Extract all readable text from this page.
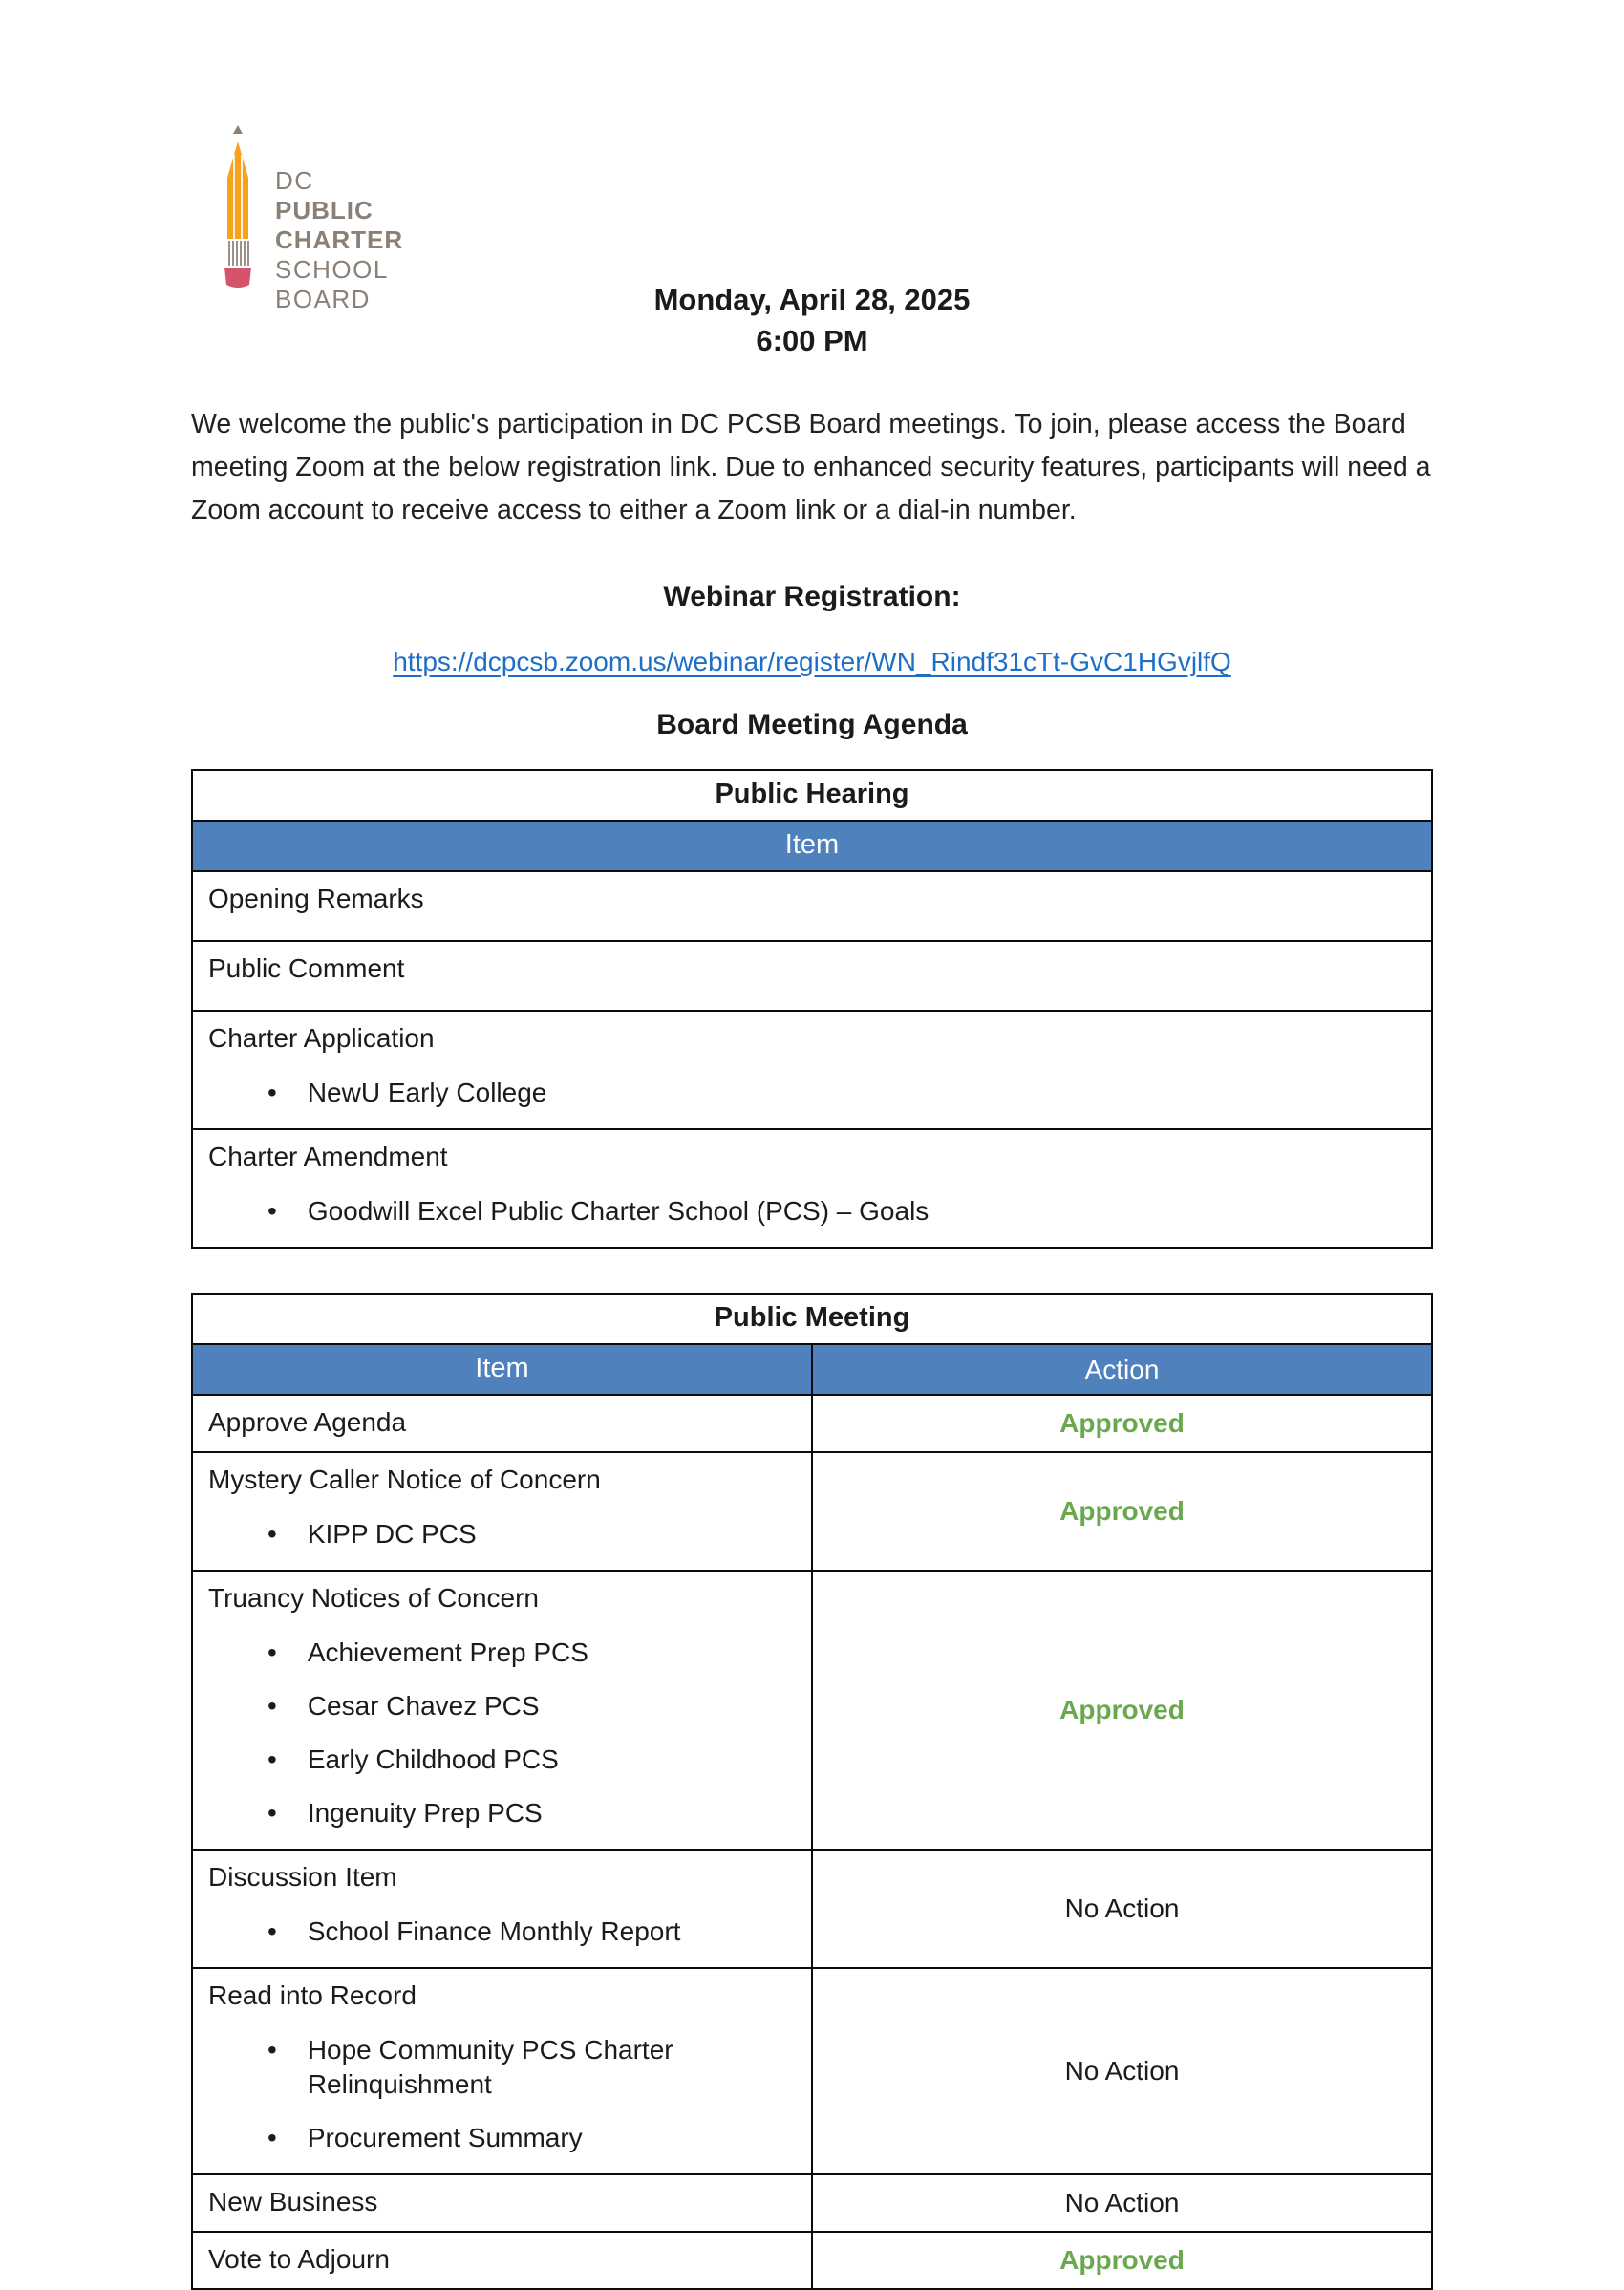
DC
PUBLIC
CHARTER
SCHOOL
BOARD	Monday, April 28, 2025
6:00 PM

We welcome the public's participation in DC PCSB Board meetings. To join, please access the Board meeting Zoom at the below registration link. Due to enhanced security features, participants will need a Zoom account to receive access to either a Zoom link or a dial-in number.

Webinar Registration:
https://dcpcsb.zoom.us/webinar/register/WN_Rindf31cTt-GvC1HGvjlfQ
Board Meeting Agenda
Public Hearing
Item

Opening Remarks

Public Comment

Charter Application
• NewU Early College

Charter Amendment
• Goodwill Excel Public Charter School (PCS) – Goals
Public Meeting	
Item	Action

Approve Agenda	Approved

Mystery Caller Notice of Concern
• KIPP DC PCS	Approved

Truancy Notices of Concern
• Achievement Prep PCS
• Cesar Chavez PCS
• Early Childhood PCS
• Ingenuity Prep PCS	Approved

Discussion Item
• School Finance Monthly Report	No Action

Read into Record
• Hope Community PCS Charter Relinquishment
• Procurement Summary	No Action

New Business	No Action

Vote to Adjourn	Approved
